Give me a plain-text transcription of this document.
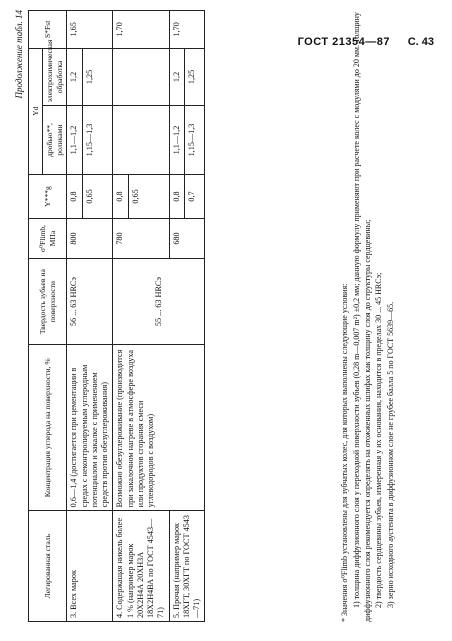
ГОСТ 21354—87 С. 43
Продолжение табл. 14
Легированная сталь	Концентрация углерода на поверхности, %	Твердость зубьев на поверхности	σ⁰Flimb, МПа	Y***g	Yd		S*Fst
					дробью**, роликами	электрохимическая обработка	
3. Всех марок	0,6—1,4 (достигается при цементации в средах с неконтролируемым углеродным потенциалом и закалке с применением средств против обезуглероживания)	56 ... 63 HRCэ	800	0,8 0,65	1,1—1,2 1,15—1,3	1,2 1,25	1,65
4. Содержащая никель более 1 % (например марок 20Х2Н4А 20ХН3А 18Х2Н4ВА по ГОСТ 4543—71)	Возможно обезуглероживание (производится при закалочном нагреве в атмосфере воздуха или продуктов сгорания смеси углеводородов с воздухом)	55 ... 63 HRCэ	780	0,8 0,65			1,70
5. Прочая (например марок 18ХГТ, 30ХГТ по ГОСТ 4543—71)			680	0,8 0,7	1,1—1,2 1,15—1,3	1,2 1,25	1,70

* Значения σ⁰Flimb установлены для зубчатых колес, для которых выполнены следующие условия: 1) толщина диффузионного слоя у переходной поверхности зубьев (0,28 m—0,007 m²) ±0,2 мм; данную формулу применяют при расчете колес с модулями до 20 мм. Толщину диффузионного слоя рекомендуется определять на отожженных шлифах как толщину слоя до структуры сердцевины; 2) твердость сердцевины зубьев, измеренная у их основания, находится в пределах 30 ... 45 HRCэ; 3) зерно исходного аустенита в диффузионном слое не грубее балла 5 по ГОСТ 5639—65.
